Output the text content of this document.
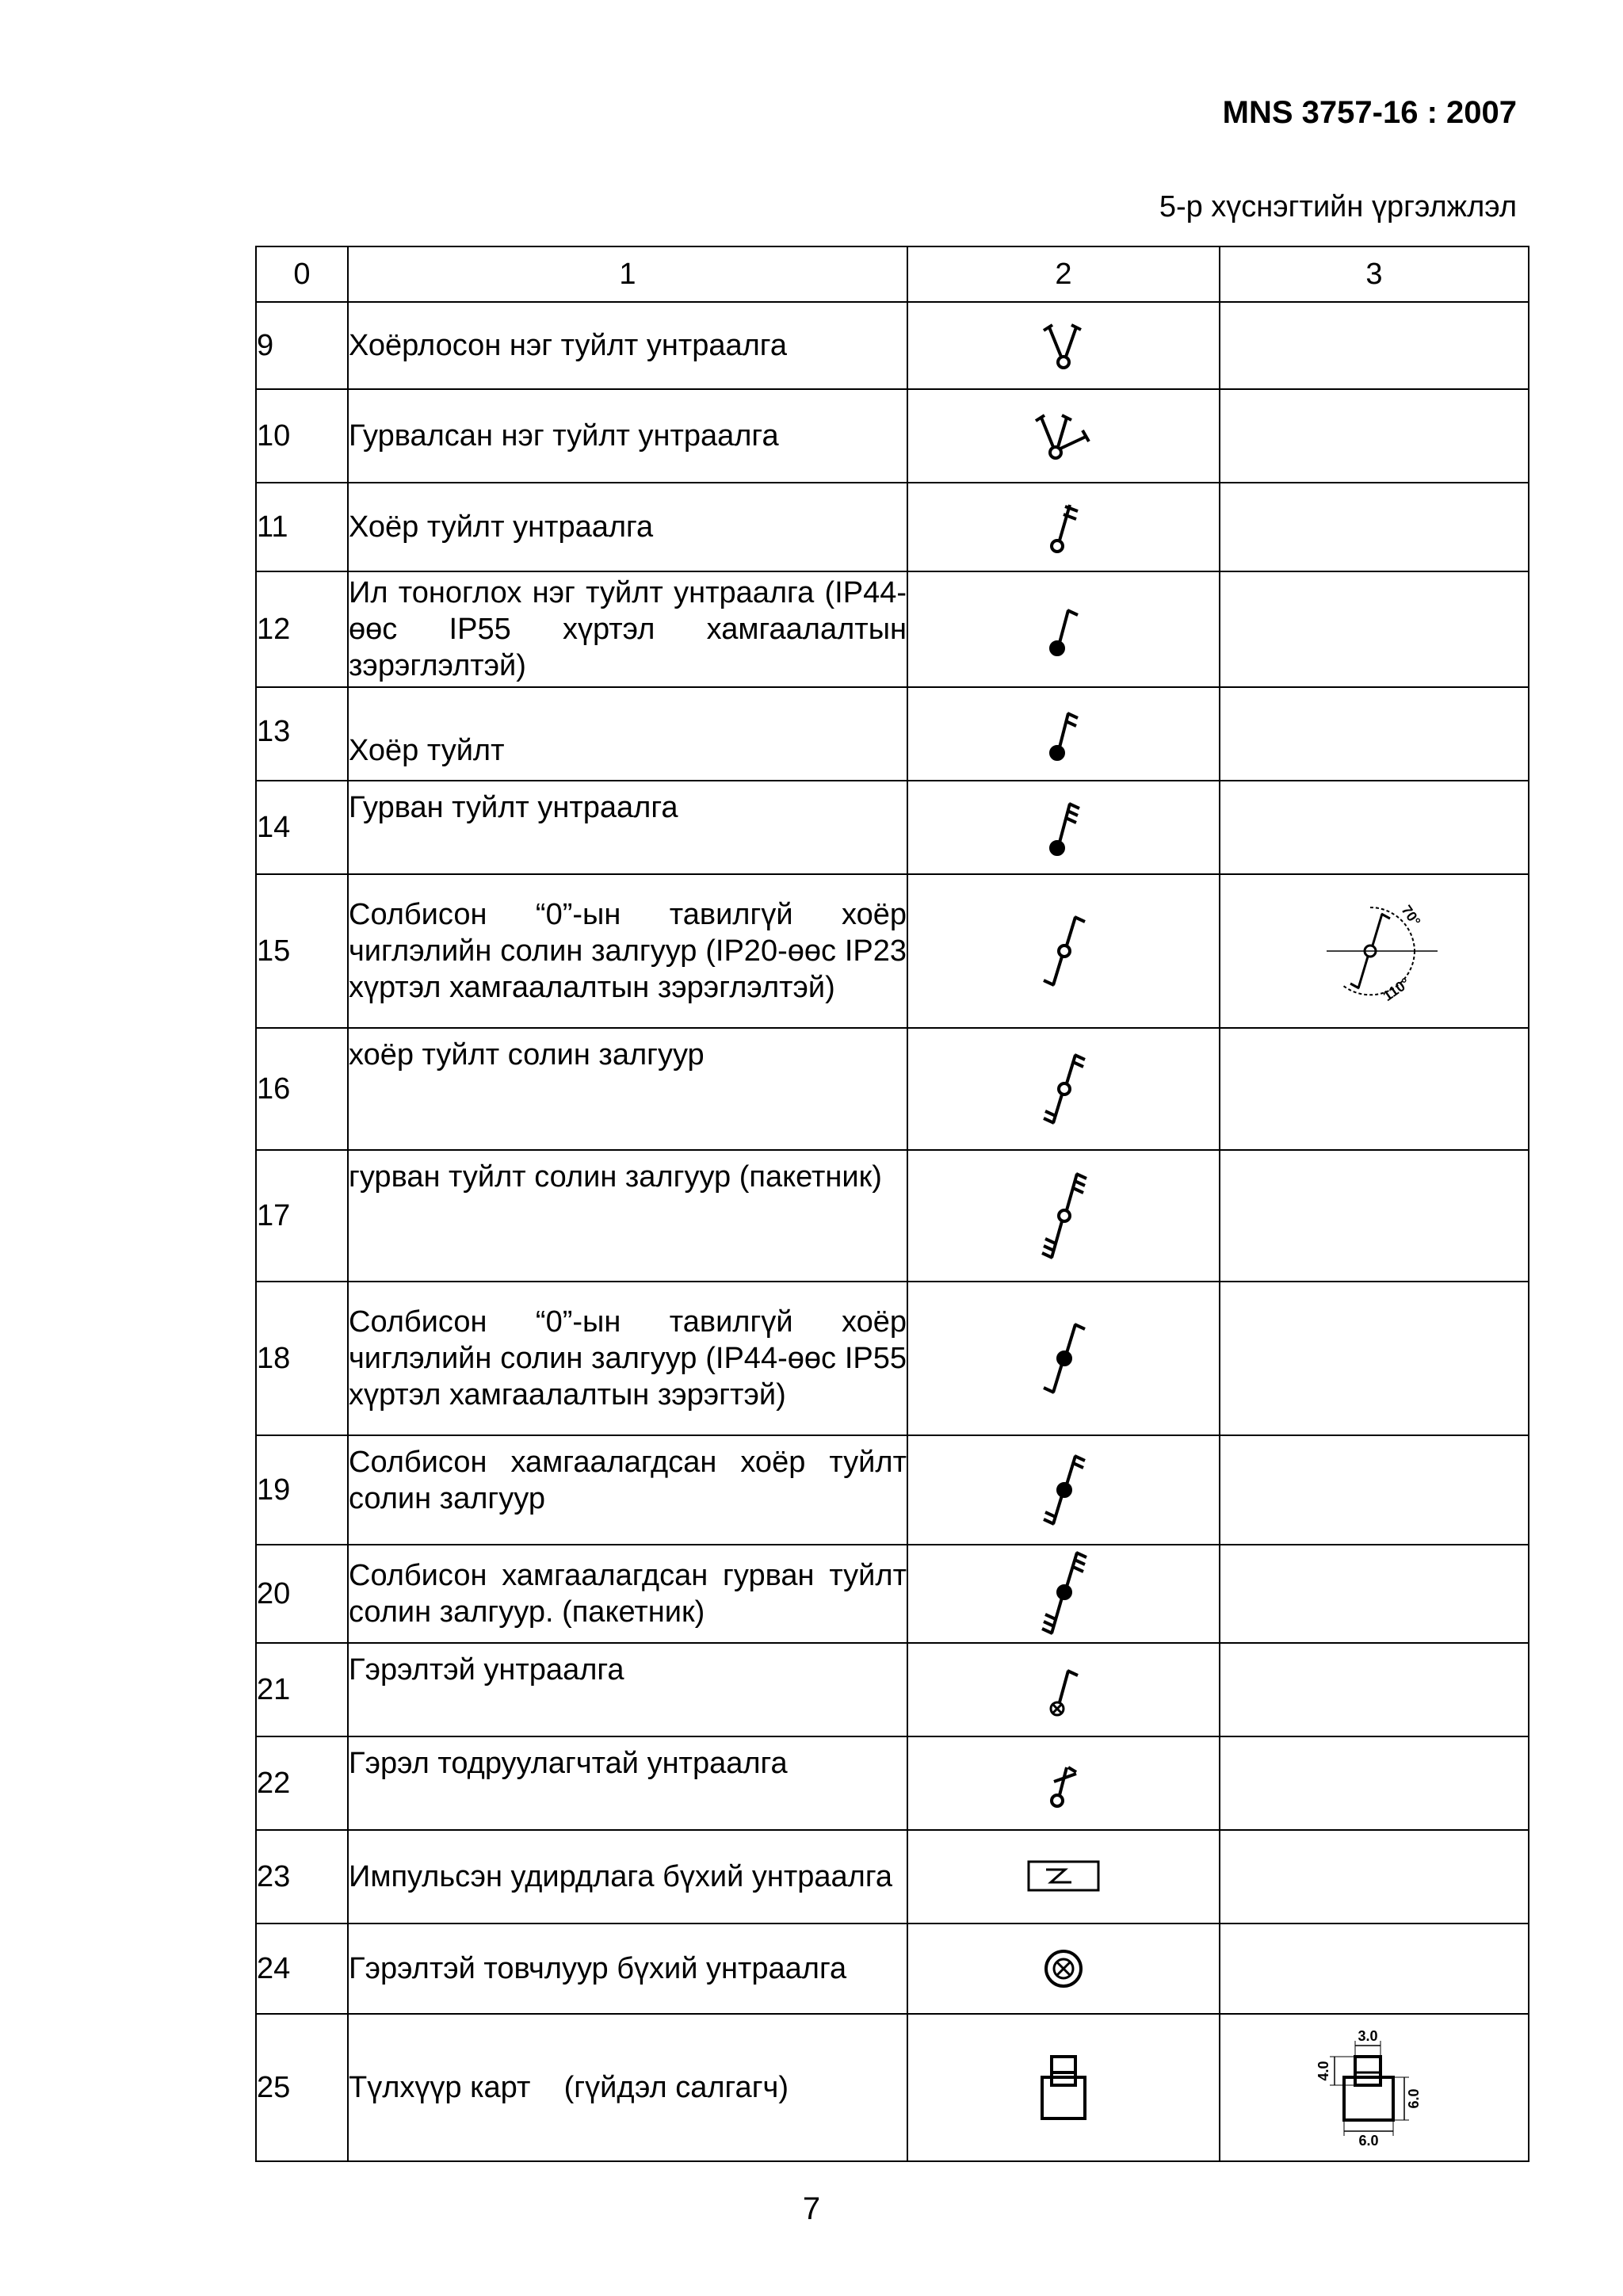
MNS 3757-16 : 2007
5-р хүснэгтийн үргэлжлэл
0	1	2	3
9	Хоёрлосон нэг туйлт унтраалга		
10	Гурвалсан нэг туйлт унтраалга		
11	Хоёр туйлт унтраалга		
12	Ил тоноглох нэг туйлт унтраалга (IP44-өөс IP55 хүртэл хамгаалалтын зэрэглэлтэй)		
13	Хоёр туйлт		
14	Гурван туйлт унтраалга		
15	Солбисон “0”-ын тавилгүй хоёр чиглэлийн солин залгуур (IP20-өөс IP23 хүртэл хамгаалалтын зэрэглэлтэй)		70°
110°

16	хоёр туйлт солин залгуур		
17	гурван туйлт солин залгуур (пакетник)		
18	Солбисон “0”-ын тавилгүй хоёр чиглэлийн солин залгуур (IP44-өөс IP55 хүртэл хамгаалалтын зэрэгтэй)		
19	Солбисон хамгаалагдсан хоёр туйлт солин залгуур		
20	Солбисон хамгаалагдсан гурван туйлт солин залгуур. (пакетник)		
21	Гэрэлтэй унтраалга		
22	Гэрэл тодруулагчтай унтраалга		
23	Импульсэн удирдлага бүхий унтраалга		
24	Гэрэлтэй товчлуур бүхий унтраалга		
25	Түлхүүр карт    (гүйдэл салгагч)		3.0
4.0
6.0
6.0
7
